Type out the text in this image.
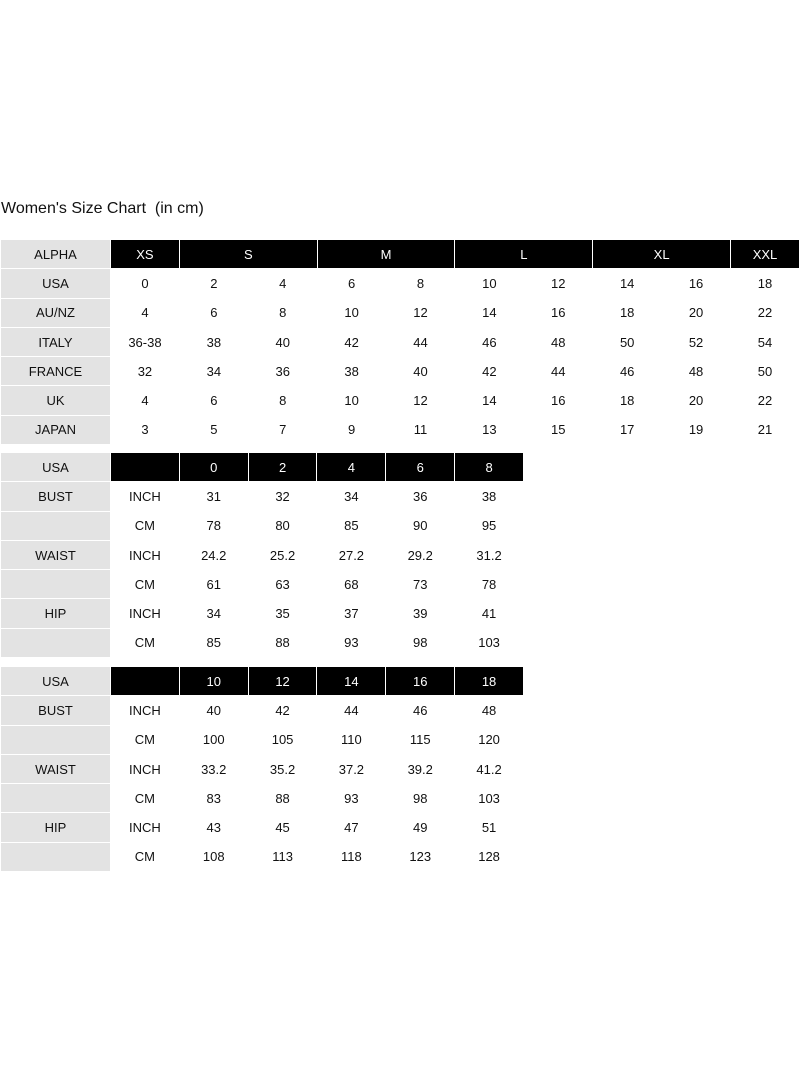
Women's Size Chart  (in cm)
ALPHA	XS	S		M		L		XL		XXL
USA	0	2	4	6	8	10	12	14	16	18
AU/NZ	4	6	8	10	12	14	16	18	20	22
ITALY	36-38	38	40	42	44	46	48	50	52	54
FRANCE	32	34	36	38	40	42	44	46	48	50
UK	4	6	8	10	12	14	16	18	20	22
JAPAN	3	5	7	9	11	13	15	17	19	21
USA		0	2	4	6	8
BUST	INCH	31	32	34	36	38
	CM	78	80	85	90	95
WAIST	INCH	24.2	25.2	27.2	29.2	31.2
	CM	61	63	68	73	78
HIP	INCH	34	35	37	39	41
	CM	85	88	93	98	103
USA		10	12	14	16	18
BUST	INCH	40	42	44	46	48
	CM	100	105	110	115	120
WAIST	INCH	33.2	35.2	37.2	39.2	41.2
	CM	83	88	93	98	103
HIP	INCH	43	45	47	49	51
	CM	108	113	118	123	128
